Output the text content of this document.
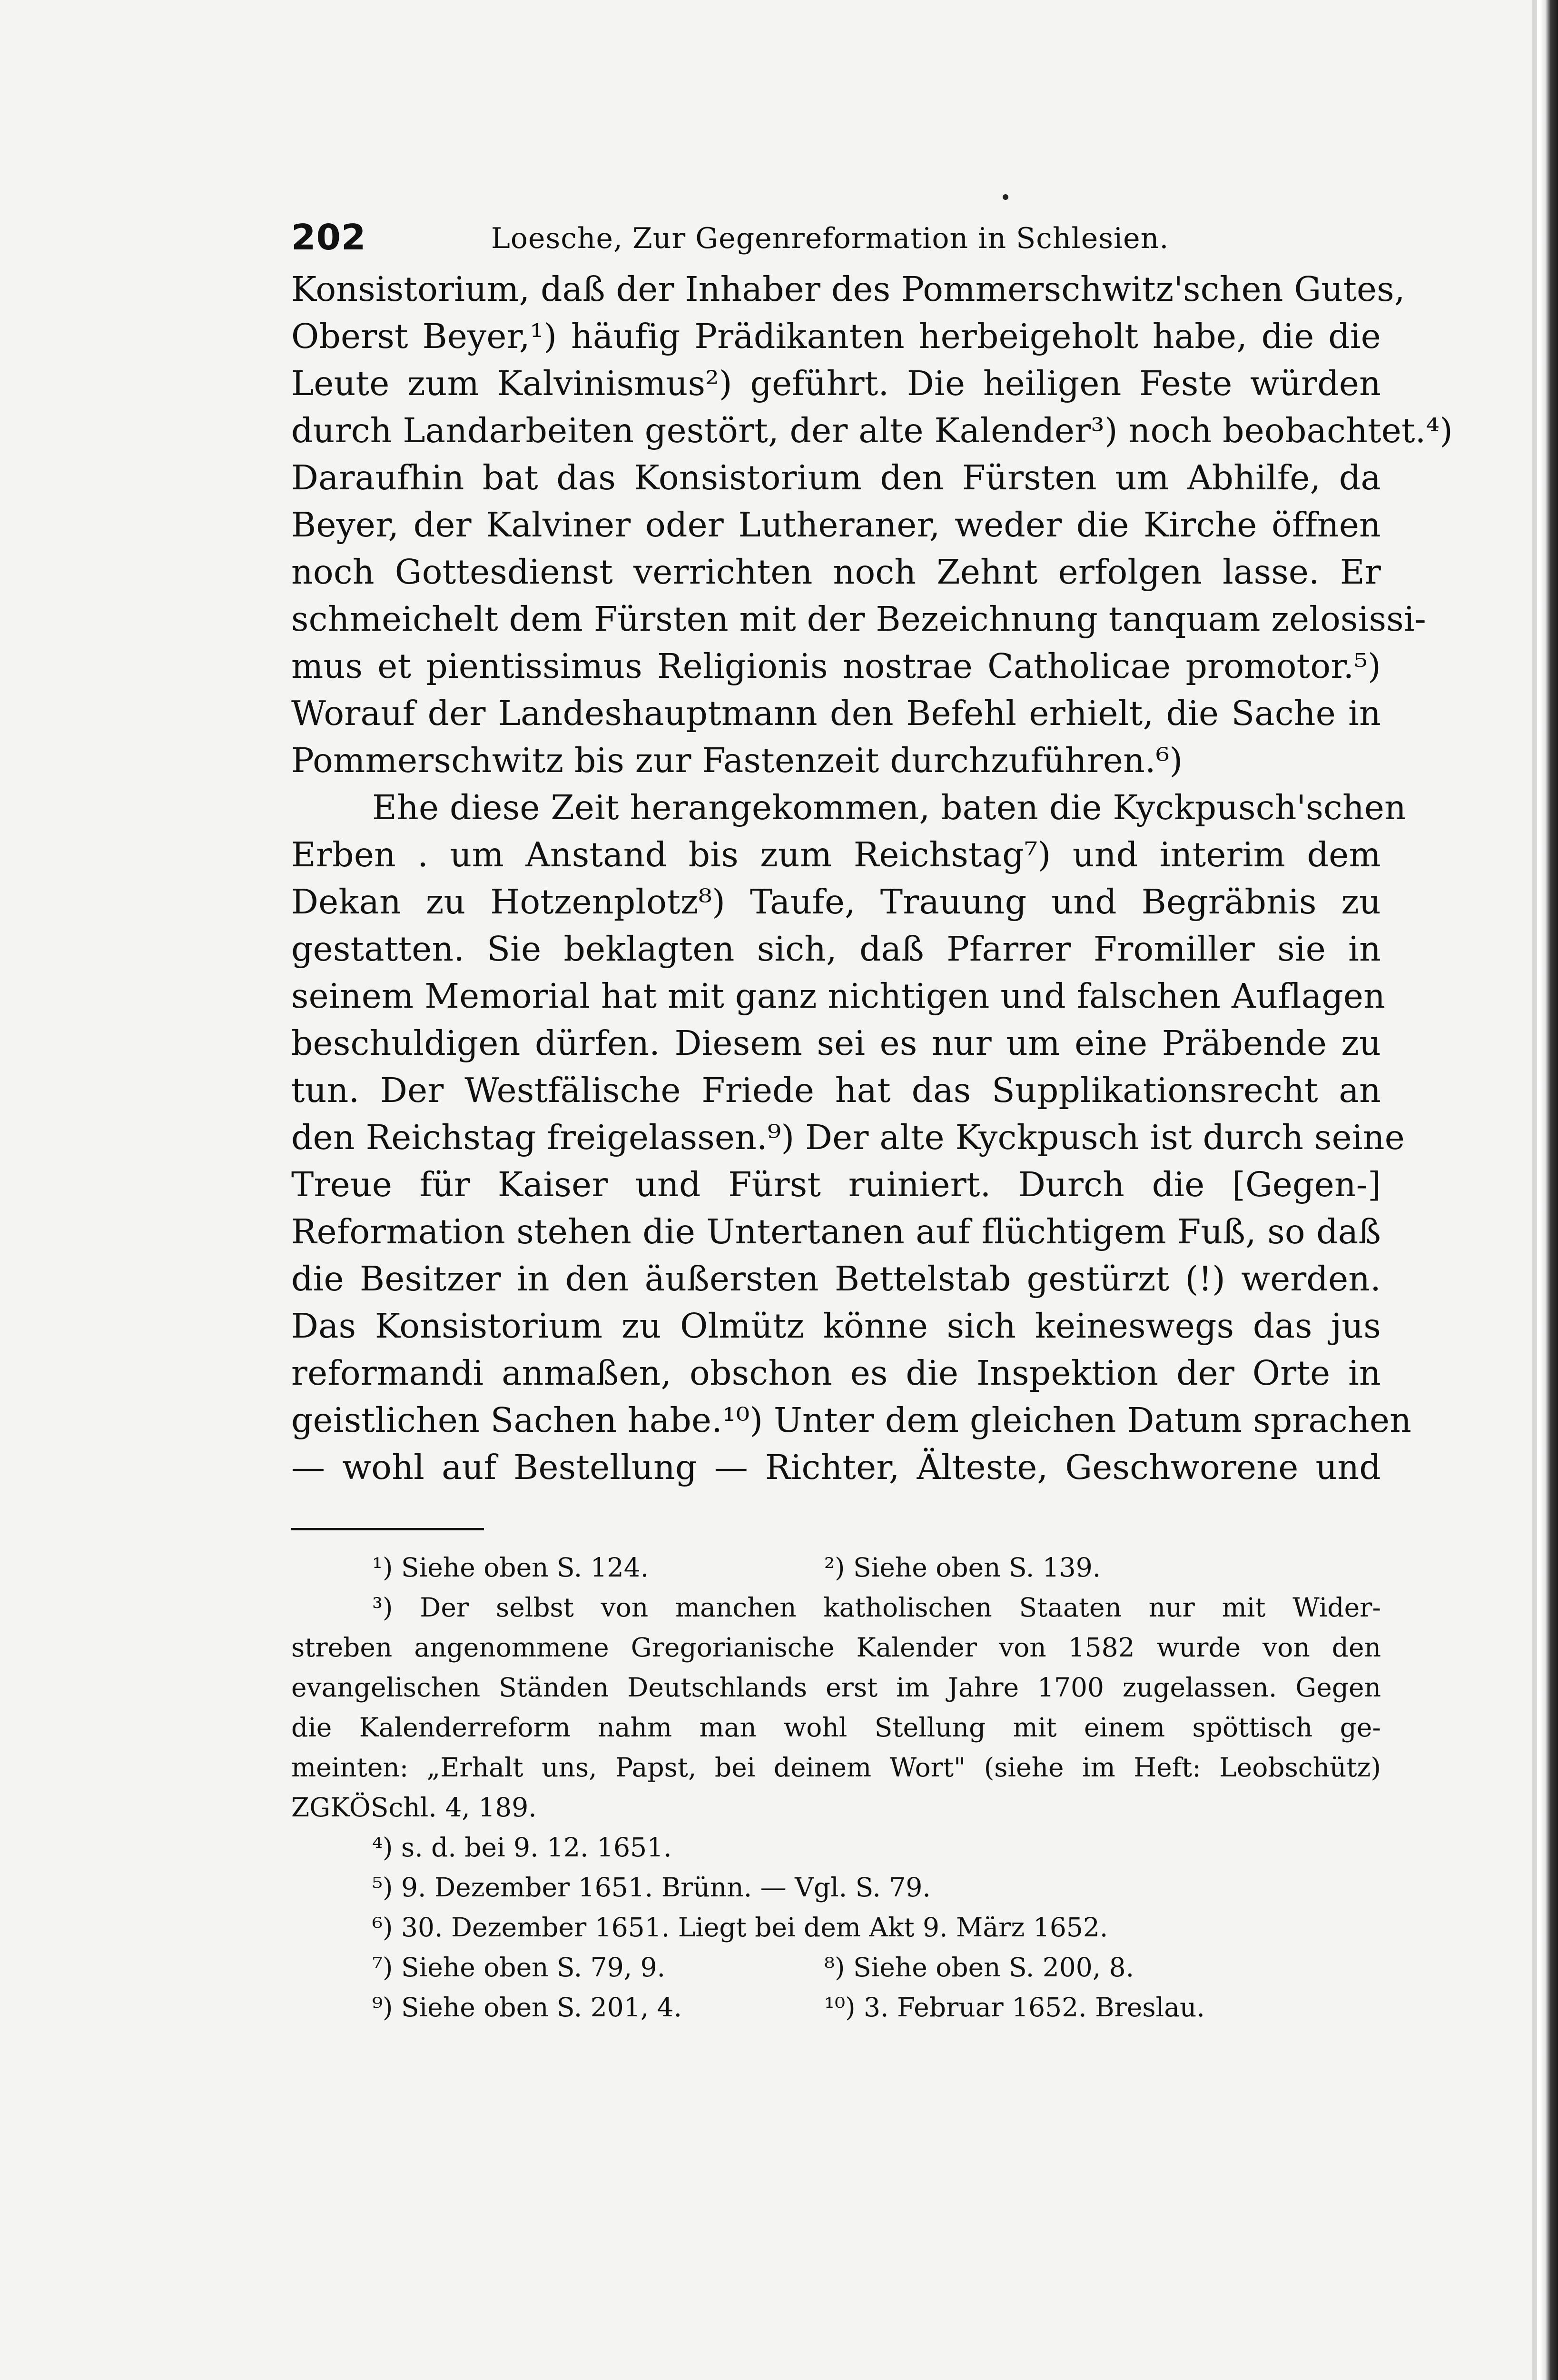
202	Loesche, Zur Gegenreformation in Schlesien.
Konsistorium, daß der Inhaber des Pommerschwitz'schen Gutes,
Oberst Beyer,¹) häufig Prädikanten herbeigeholt habe, die die
Leute zum Kalvinismus²) geführt. Die heiligen Feste würden
durch Landarbeiten gestört, der alte Kalender³) noch beobachtet.⁴)
Daraufhin bat das Konsistorium den Fürsten um Abhilfe, da
Beyer, der Kalviner oder Lutheraner, weder die Kirche öffnen
noch Gottesdienst verrichten noch Zehnt erfolgen lasse. Er
schmeichelt dem Fürsten mit der Bezeichnung tanquam zelosissi-
mus et pientissimus Religionis nostrae Catholicae promotor.⁵)
Worauf der Landeshauptmann den Befehl erhielt, die Sache in
Pommerschwitz bis zur Fastenzeit durchzuführen.⁶)
Ehe diese Zeit herangekommen, baten die Kyckpusch'schen
Erben . um Anstand bis zum Reichstag⁷) und interim dem
Dekan zu Hotzenplotz⁸) Taufe, Trauung und Begräbnis zu
gestatten. Sie beklagten sich, daß Pfarrer Fromiller sie in
seinem Memorial hat mit ganz nichtigen und falschen Auflagen
beschuldigen dürfen. Diesem sei es nur um eine Präbende zu
tun. Der Westfälische Friede hat das Supplikationsrecht an
den Reichstag freigelassen.⁹) Der alte Kyckpusch ist durch seine
Treue für Kaiser und Fürst ruiniert. Durch die [Gegen-]
Reformation stehen die Untertanen auf flüchtigem Fuß, so daß
die Besitzer in den äußersten Bettelstab gestürzt (!) werden.
Das Konsistorium zu Olmütz könne sich keineswegs das jus
reformandi anmaßen, obschon es die Inspektion der Orte in
geistlichen Sachen habe.¹⁰) Unter dem gleichen Datum sprachen
— wohl auf Bestellung — Richter, Älteste, Geschworene und
¹) Siehe oben S. 124.	²) Siehe oben S. 139.
³) Der selbst von manchen katholischen Staaten nur mit Wider-
streben angenommene Gregorianische Kalender von 1582 wurde von den
evangelischen Ständen Deutschlands erst im Jahre 1700 zugelassen. Gegen
die Kalenderreform nahm man wohl Stellung mit einem spöttisch ge-
meinten: „Erhalt uns, Papst, bei deinem Wort" (siehe im Heft: Leobschütz)
ZGKÖSchl. 4, 189.
⁴) s. d. bei 9. 12. 1651.
⁵) 9. Dezember 1651. Brünn. — Vgl. S. 79.
⁶) 30. Dezember 1651. Liegt bei dem Akt 9. März 1652.
⁷) Siehe oben S. 79, 9.	⁸) Siehe oben S. 200, 8.
⁹) Siehe oben S. 201, 4.	¹⁰) 3. Februar 1652. Breslau.
